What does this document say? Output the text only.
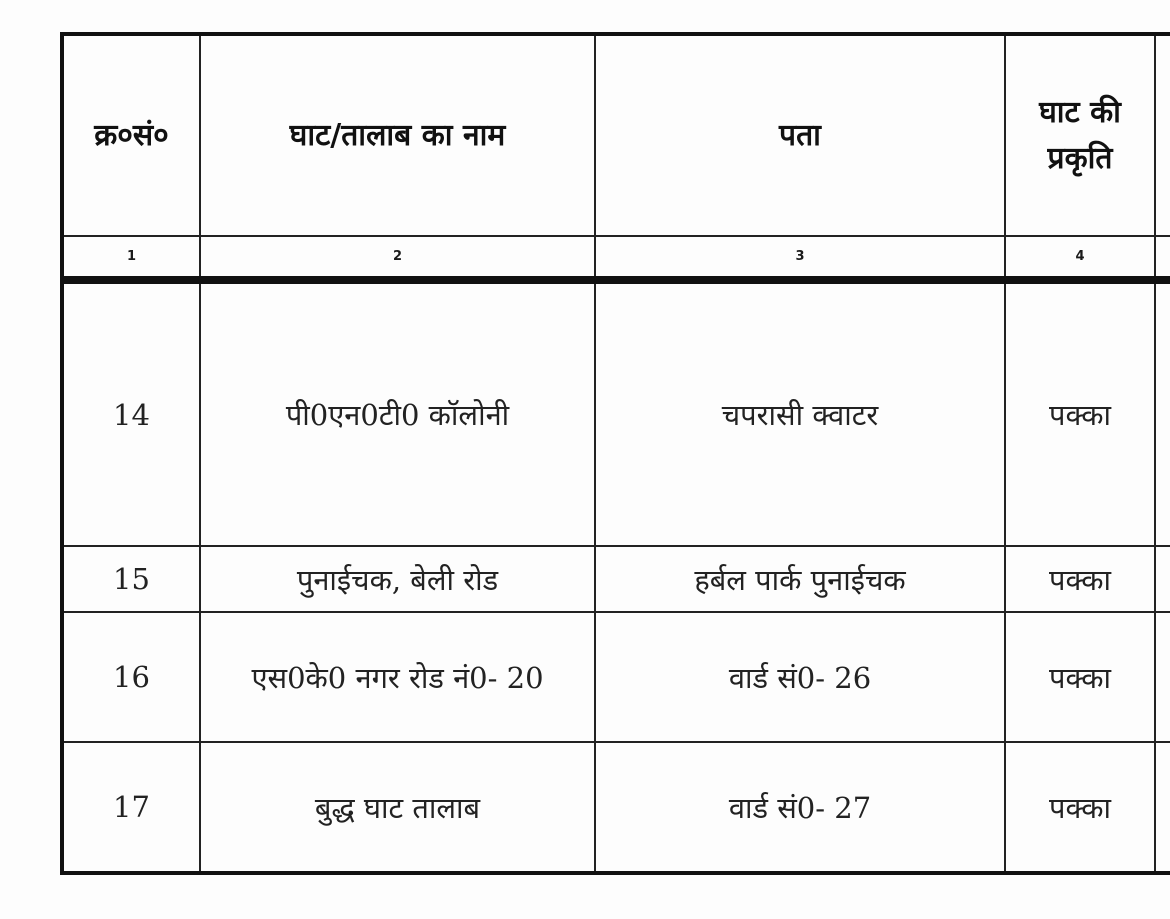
क्र०सं०	घाट/तालाब का नाम	पता	घाट की प्रकृति	
1	2	3	4	
14	पी0एन0टी0 कॉलोनी	चपरासी क्वाटर	पक्का	
15	पुनाईचक, बेली रोड	हर्बल पार्क पुनाईचक	पक्का	
16	एस0के0 नगर रोड नं0- 20	वार्ड सं0- 26	पक्का	
17	बुद्ध घाट तालाब	वार्ड सं0- 27	पक्का	
